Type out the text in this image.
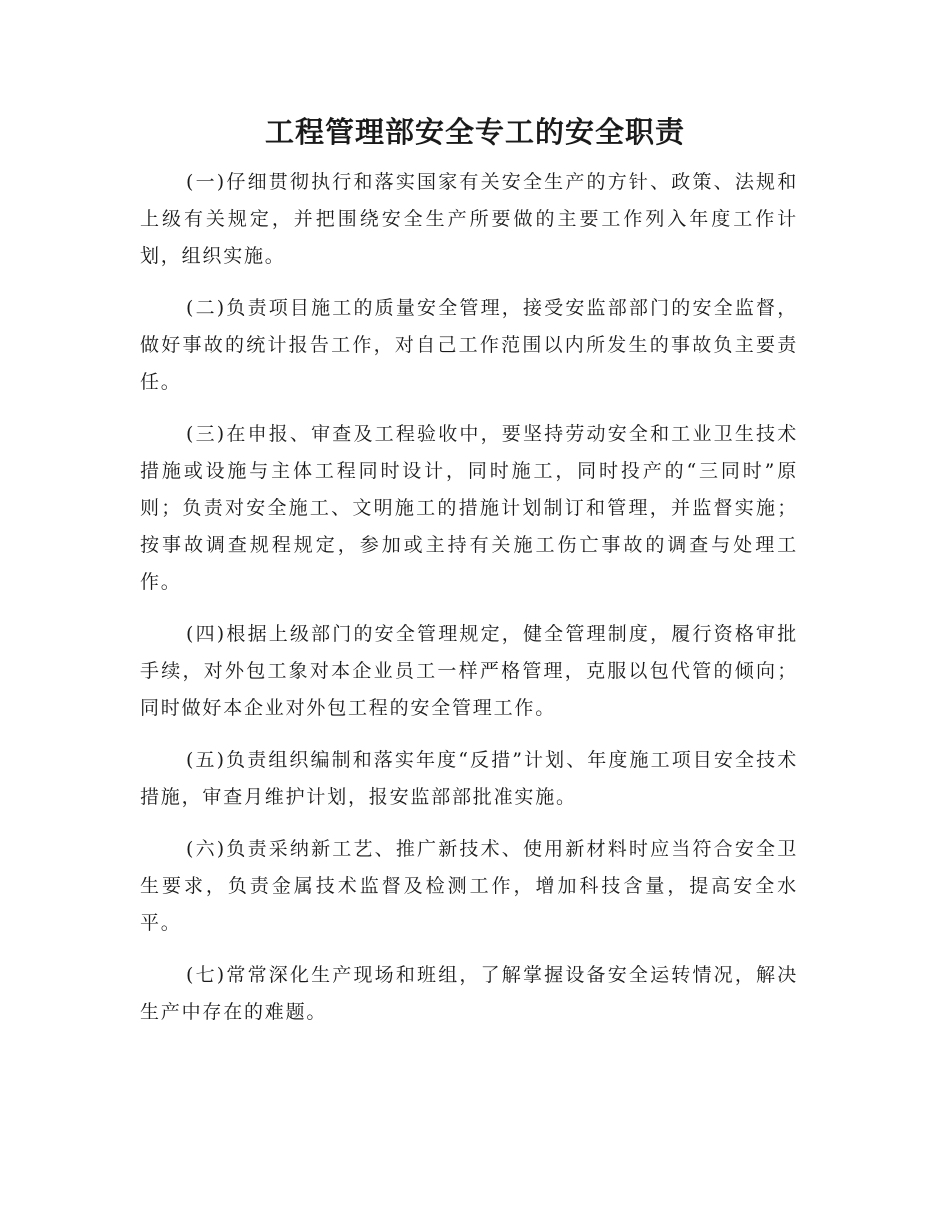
工程管理部安全专工的安全职责

(一)仔细贯彻执行和落实国家有关安全生产的方针、政策、法规和上级有关规定，并把围绕安全生产所要做的主要工作列入年度工作计划，组织实施。

(二)负责项目施工的质量安全管理，接受安监部部门的安全监督，做好事故的统计报告工作，对自己工作范围以内所发生的事故负主要责任。

(三)在申报、审查及工程验收中，要坚持劳动安全和工业卫生技术措施或设施与主体工程同时设计，同时施工，同时投产的“三同时”原则；负责对安全施工、文明施工的措施计划制订和管理，并监督实施；按事故调查规程规定，参加或主持有关施工伤亡事故的调查与处理工作。

(四)根据上级部门的安全管理规定，健全管理制度，履行资格审批手续，对外包工象对本企业员工一样严格管理，克服以包代管的倾向；同时做好本企业对外包工程的安全管理工作。

(五)负责组织编制和落实年度“反措”计划、年度施工项目安全技术措施，审查月维护计划，报安监部部批准实施。

(六)负责采纳新工艺、推广新技术、使用新材料时应当符合安全卫生要求，负责金属技术监督及检测工作，增加科技含量，提高安全水平。

(七)常常深化生产现场和班组，了解掌握设备安全运转情况，解决生产中存在的难题。
